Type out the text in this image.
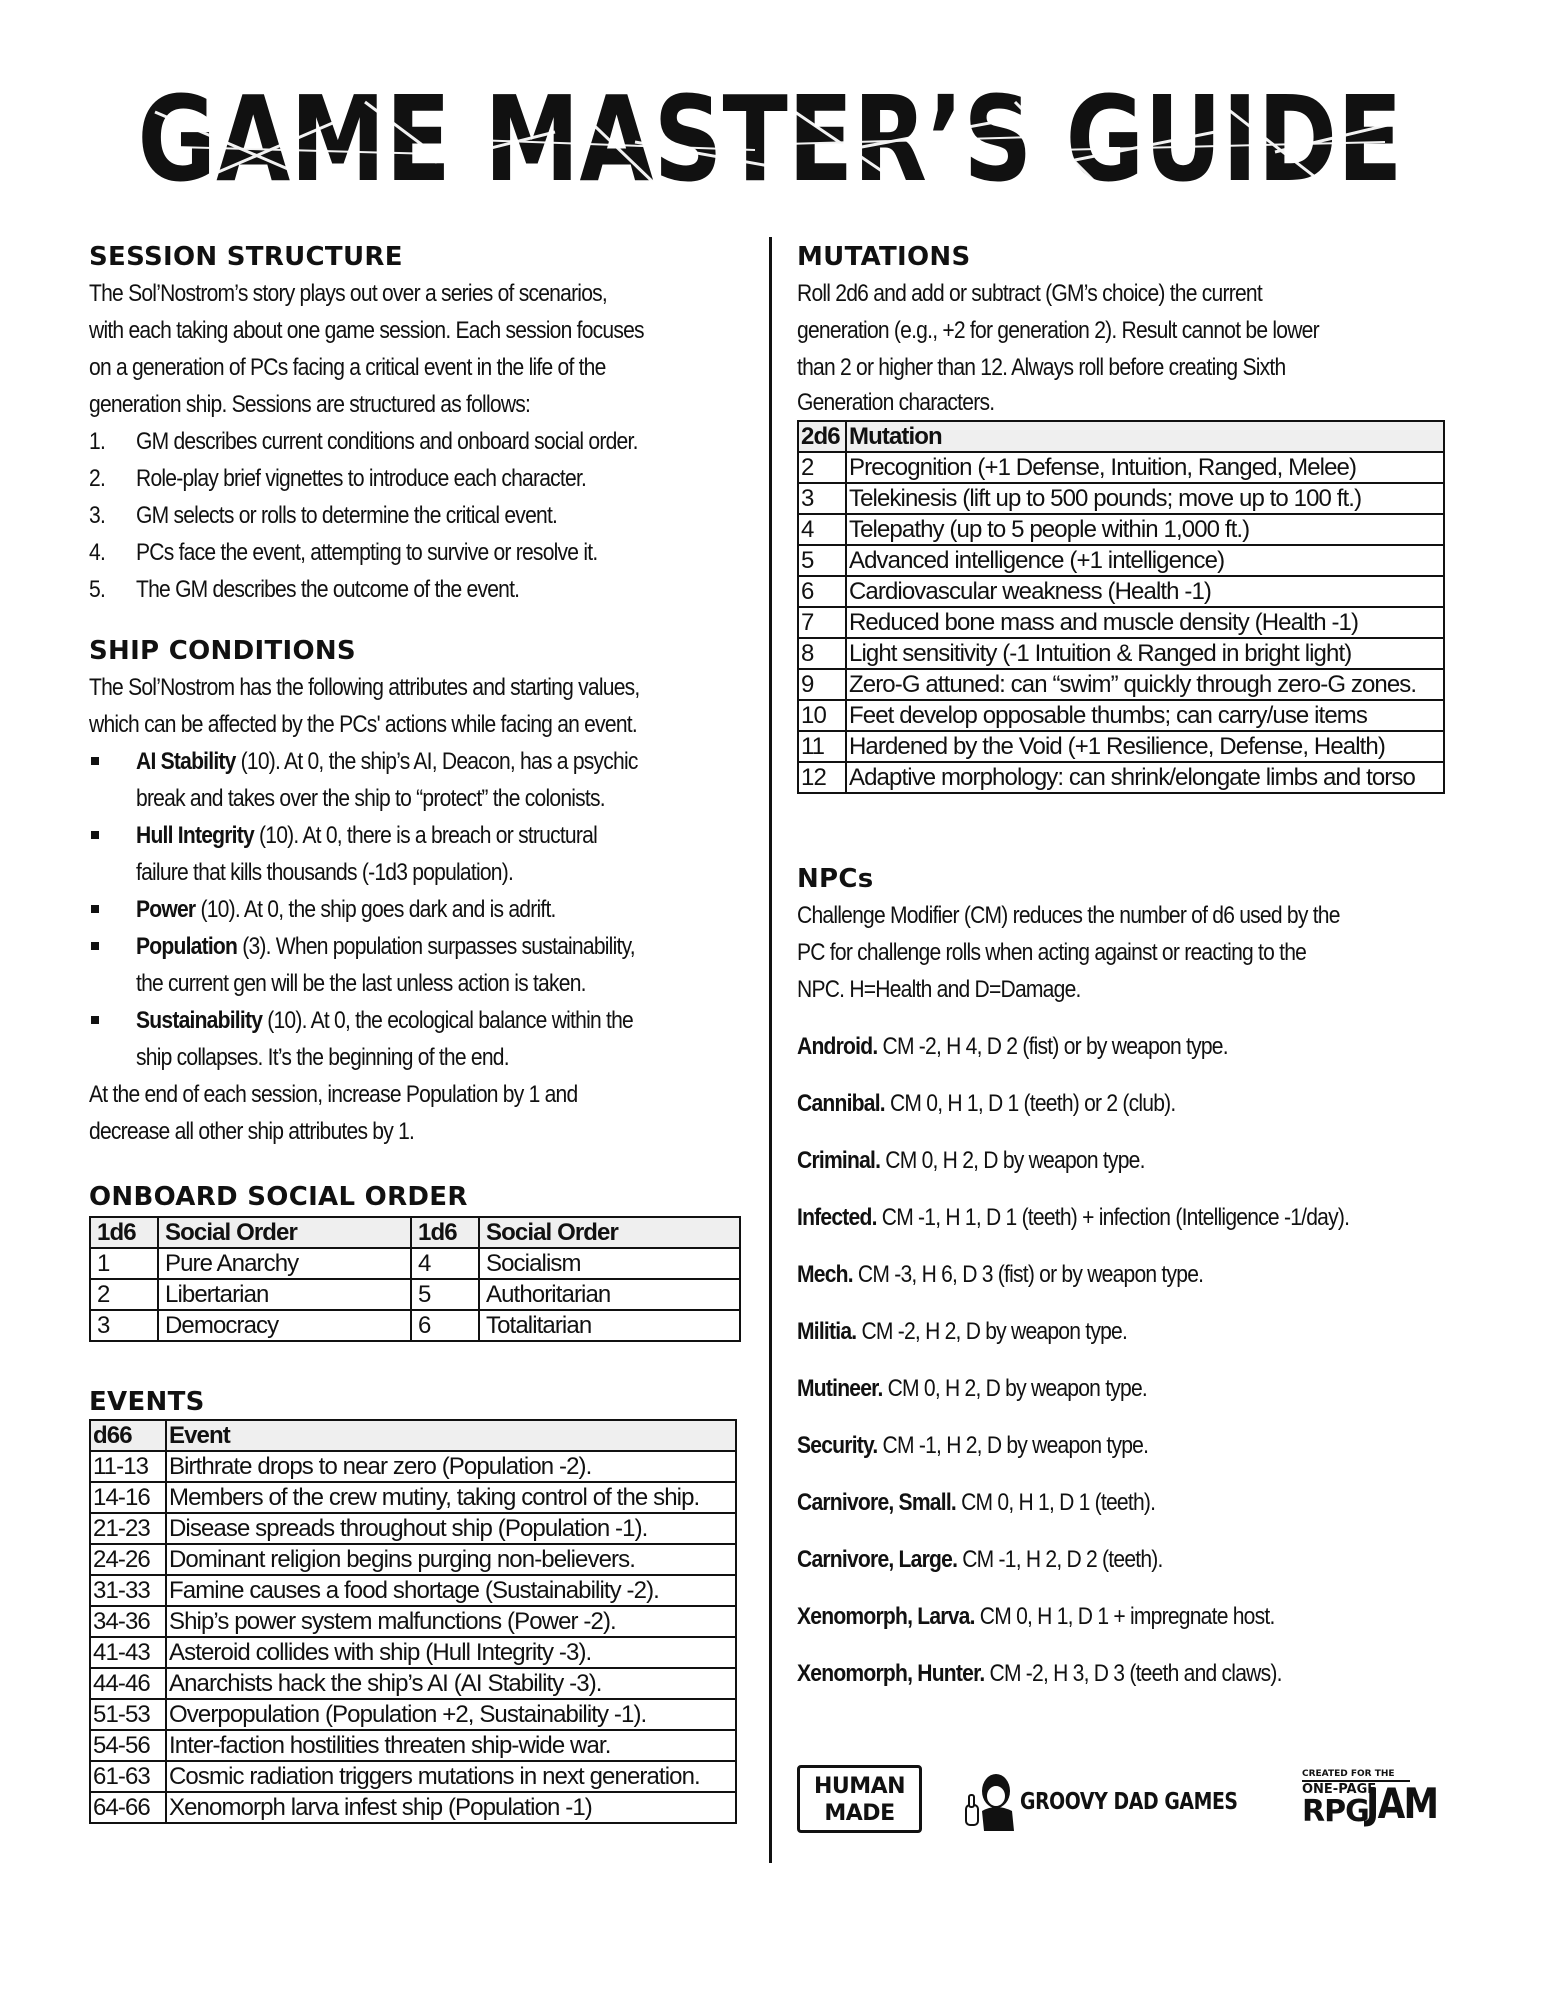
GAME MASTER’S GUIDE
SESSION STRUCTURE
The Sol’Nostrom’s story plays out over a series of scenarios,
with each taking about one game session. Each session focuses
on a generation of PCs facing a critical event in the life of the
generation ship. Sessions are structured as follows:
1. GM describes current conditions and onboard social order.
2. Role-play brief vignettes to introduce each character.
3. GM selects or rolls to determine the critical event.
4. PCs face the event, attempting to survive or resolve it.
5. The GM describes the outcome of the event.
SHIP CONDITIONS
The Sol’Nostrom has the following attributes and starting values,
which can be affected by the PCs' actions while facing an event.
AI Stability (10). At 0, the ship’s AI, Deacon, has a psychic
break and takes over the ship to “protect” the colonists.
Hull Integrity (10). At 0, there is a breach or structural
failure that kills thousands (-1d3 population).
Power (10). At 0, the ship goes dark and is adrift.
Population (3). When population surpasses sustainability,
the current gen will be the last unless action is taken.
Sustainability (10). At 0, the ecological balance within the
ship collapses. It’s the beginning of the end.
At the end of each session, increase Population by 1 and
decrease all other ship attributes by 1.
ONBOARD SOCIAL ORDER
1d6	Social Order	1d6	Social Order
1	Pure Anarchy	4	Socialism
2	Libertarian	5	Authoritarian
3	Democracy	6	Totalitarian
EVENTS
d66	Event
11-13	Birthrate drops to near zero (Population -2).
14-16	Members of the crew mutiny, taking control of the ship.
21-23	Disease spreads throughout ship (Population -1).
24-26	Dominant religion begins purging non-believers.
31-33	Famine causes a food shortage (Sustainability -2).
34-36	Ship’s power system malfunctions (Power -2).
41-43	Asteroid collides with ship (Hull Integrity -3).
44-46	Anarchists hack the ship’s AI (AI Stability -3).
51-53	Overpopulation (Population +2, Sustainability -1).
54-56	Inter-faction hostilities threaten ship-wide war.
61-63	Cosmic radiation triggers mutations in next generation.
64-66	Xenomorph larva infest ship (Population -1)
MUTATIONS
Roll 2d6 and add or subtract (GM’s choice) the current
generation (e.g., +2 for generation 2). Result cannot be lower
than 2 or higher than 12. Always roll before creating Sixth
Generation characters.
2d6	Mutation
2	Precognition (+1 Defense, Intuition, Ranged, Melee)
3	Telekinesis (lift up to 500 pounds; move up to 100 ft.)
4	Telepathy (up to 5 people within 1,000 ft.)
5	Advanced intelligence (+1 intelligence)
6	Cardiovascular weakness (Health -1)
7	Reduced bone mass and muscle density (Health -1)
8	Light sensitivity (-1 Intuition & Ranged in bright light)
9	Zero-G attuned: can “swim” quickly through zero-G zones.
10	Feet develop opposable thumbs; can carry/use items
11	Hardened by the Void (+1 Resilience, Defense, Health)
12	Adaptive morphology: can shrink/elongate limbs and torso
NPCs
Challenge Modifier (CM) reduces the number of d6 used by the
PC for challenge rolls when acting against or reacting to the
NPC. H=Health and D=Damage.
Android. CM -2, H 4, D 2 (fist) or by weapon type.
Cannibal. CM 0, H 1, D 1 (teeth) or 2 (club).
Criminal. CM 0, H 2, D by weapon type.
Infected. CM -1, H 1, D 1 (teeth) + infection (Intelligence -1/day).
Mech. CM -3, H 6, D 3 (fist) or by weapon type.
Militia. CM -2, H 2, D by weapon type.
Mutineer. CM 0, H 2, D by weapon type.
Security. CM -1, H 2, D by weapon type.
Carnivore, Small. CM 0, H 1, D 1 (teeth).
Carnivore, Large. CM -1, H 2, D 2 (teeth).
Xenomorph, Larva. CM 0, H 1, D 1 + impregnate host.
Xenomorph, Hunter. CM -2, H 3, D 3 (teeth and claws).
HUMAN
MADE	GROOVY DAD GAMES
CREATED FOR THE
ONE-PAGE
RPG
JAM
